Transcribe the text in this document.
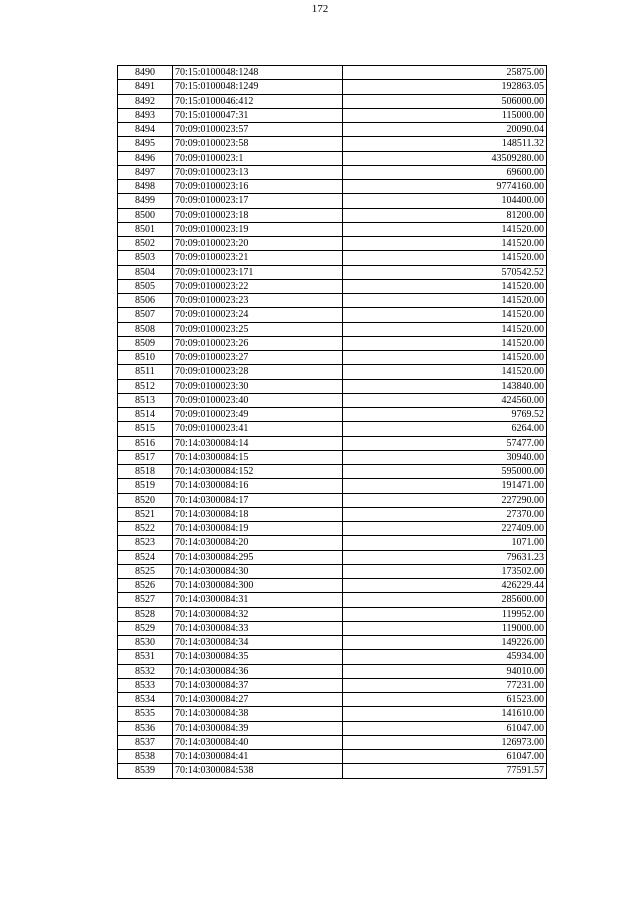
172
8490	70:15:0100048:1248	25875.00
8491	70:15:0100048:1249	192863.05
8492	70:15:0100046:412	506000.00
8493	70:15:0100047:31	115000.00
8494	70:09:0100023:57	20090.04
8495	70:09:0100023:58	148511.32
8496	70:09:0100023:1	43509280.00
8497	70:09:0100023:13	69600.00
8498	70:09:0100023:16	9774160.00
8499	70:09:0100023:17	104400.00
8500	70:09:0100023:18	81200.00
8501	70:09:0100023:19	141520.00
8502	70:09:0100023:20	141520.00
8503	70:09:0100023:21	141520.00
8504	70:09:0100023:171	570542.52
8505	70:09:0100023:22	141520.00
8506	70:09:0100023:23	141520.00
8507	70:09:0100023:24	141520.00
8508	70:09:0100023:25	141520.00
8509	70:09:0100023:26	141520.00
8510	70:09:0100023:27	141520.00
8511	70:09:0100023:28	141520.00
8512	70:09:0100023:30	143840.00
8513	70:09:0100023:40	424560.00
8514	70:09:0100023:49	9769.52
8515	70:09:0100023:41	6264.00
8516	70:14:0300084:14	57477.00
8517	70:14:0300084:15	30940.00
8518	70:14:0300084:152	595000.00
8519	70:14:0300084:16	191471.00
8520	70:14:0300084:17	227290.00
8521	70:14:0300084:18	27370.00
8522	70:14:0300084:19	227409.00
8523	70:14:0300084:20	1071.00
8524	70:14:0300084:295	79631.23
8525	70:14:0300084:30	173502.00
8526	70:14:0300084:300	426229.44
8527	70:14:0300084:31	285600.00
8528	70:14:0300084:32	119952.00
8529	70:14:0300084:33	119000.00
8530	70:14:0300084:34	149226.00
8531	70:14:0300084:35	45934.00
8532	70:14:0300084:36	94010.00
8533	70:14:0300084:37	77231.00
8534	70:14:0300084:27	61523.00
8535	70:14:0300084:38	141610.00
8536	70:14:0300084:39	61047.00
8537	70:14:0300084:40	126973.00
8538	70:14:0300084:41	61047.00
8539	70:14:0300084:538	77591.57
